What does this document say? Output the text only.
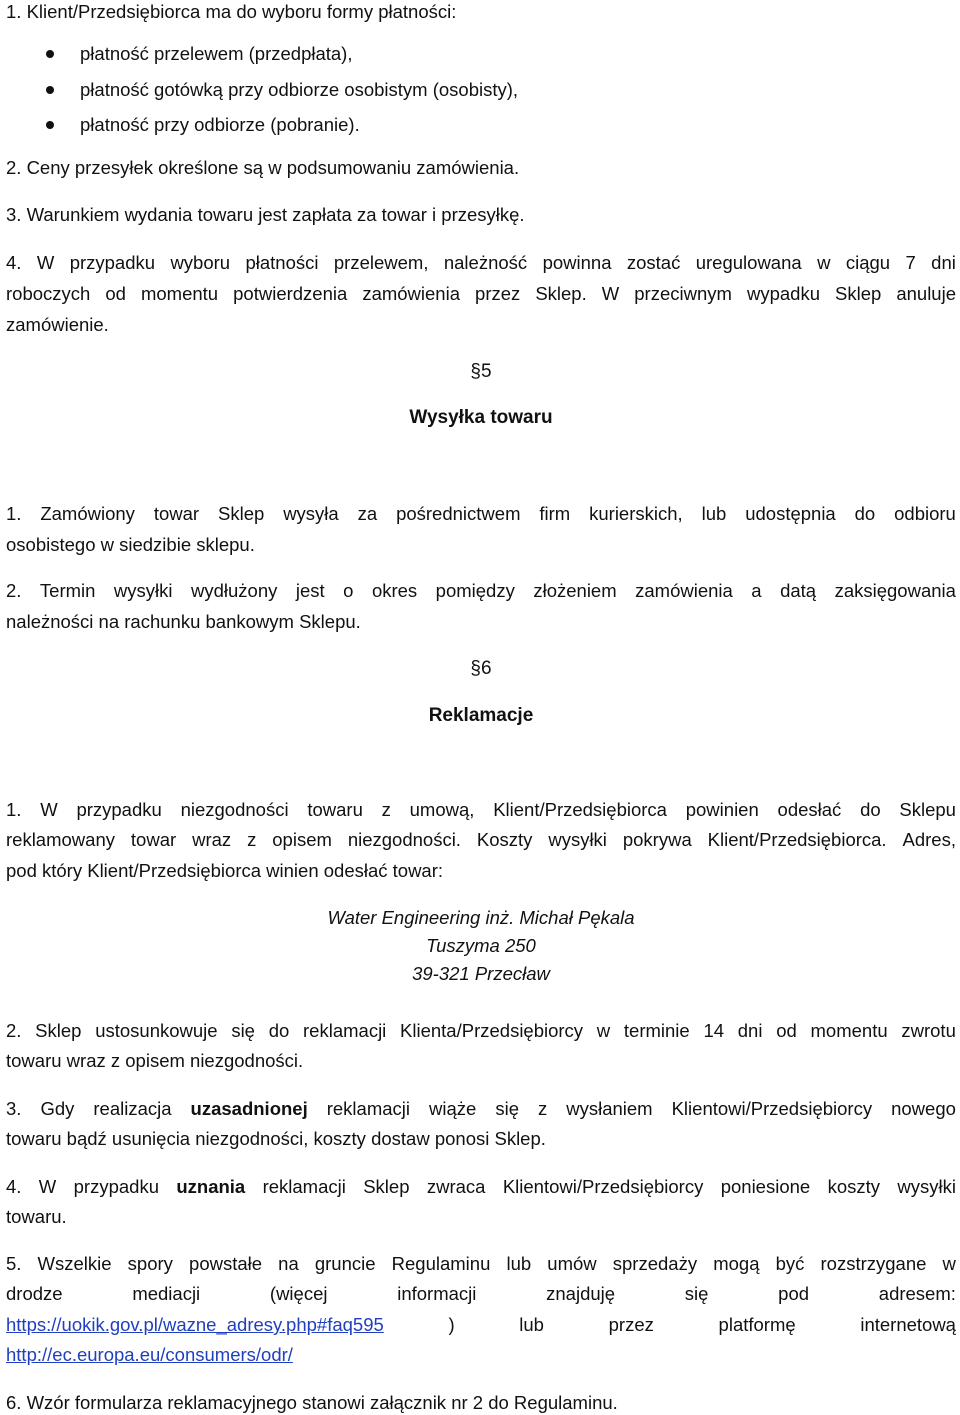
1. Klient/Przedsiębiorca ma do wyboru formy płatności:
płatność przelewem (przedpłata),
płatność gotówką przy odbiorze osobistym (osobisty),
płatność przy odbiorze (pobranie).
2. Ceny przesyłek określone są w podsumowaniu zamówienia.
3. Warunkiem wydania towaru jest zapłata za towar i przesyłkę.
4. W przypadku wyboru płatności przelewem, należność powinna zostać uregulowana w ciągu 7 dni
roboczych od momentu potwierdzenia zamówienia przez Sklep. W przeciwnym wypadku Sklep anuluje
zamówienie.
§5
Wysyłka towaru
1. Zamówiony towar Sklep wysyła za pośrednictwem firm kurierskich, lub udostępnia do odbioru
osobistego w siedzibie sklepu.
2. Termin wysyłki wydłużony jest o okres pomiędzy złożeniem zamówienia a datą zaksięgowania
należności na rachunku bankowym Sklepu.
§6
Reklamacje
1. W przypadku niezgodności towaru z umową, Klient/Przedsiębiorca powinien odesłać do Sklepu
reklamowany towar wraz z opisem niezgodności. Koszty wysyłki pokrywa Klient/Przedsiębiorca. Adres,
pod który Klient/Przedsiębiorca winien odesłać towar:
Water Engineering inż. Michał Pękala
Tuszyma 250
39-321 Przecław
2. Sklep ustosunkowuje się do reklamacji Klienta/Przedsiębiorcy w terminie 14 dni od momentu zwrotu
towaru wraz z opisem niezgodności.
3. Gdy realizacja uzasadnionej reklamacji wiąże się z wysłaniem Klientowi/Przedsiębiorcy nowego
towaru bądź usunięcia niezgodności, koszty dostaw ponosi Sklep.
4. W przypadku uznania reklamacji Sklep zwraca Klientowi/Przedsiębiorcy poniesione koszty wysyłki
towaru.
5. Wszelkie spory powstałe na gruncie Regulaminu lub umów sprzedaży mogą być rozstrzygane w
drodze	mediacji	(więcej	informacji	znajduję	się	pod	adresem:
https://uokik.gov.pl/wazne_adresy.php#faq595	)	lub	przez	platformę	internetową
http://ec.europa.eu/consumers/odr/
6. Wzór formularza reklamacyjnego stanowi załącznik nr 2 do Regulaminu.
